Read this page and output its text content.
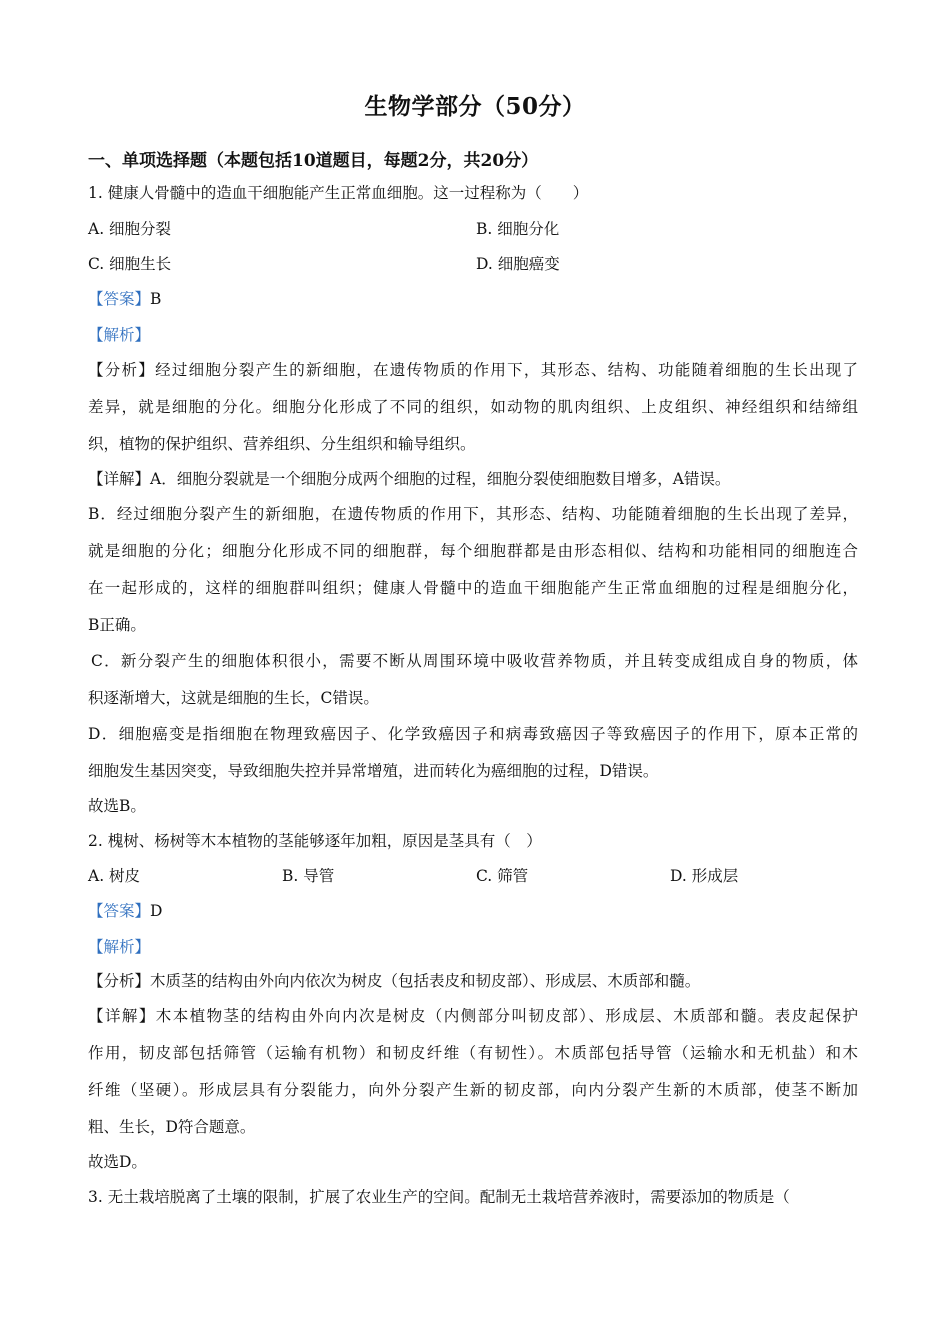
生物学部分（50分）
一、单项选择题（本题包括10道题目，每题2分，共20分）
1. 健康人骨髓中的造血干细胞能产生正常血细胞。这一过程称为（　　）
A. 细胞分裂	B. 细胞分化
C. 细胞生长	D. 细胞癌变
【答案】B
【解析】
【分析】经过细胞分裂产生的新细胞，在遗传物质的作用下，其形态、结构、功能随着细胞的生长出现了
差异，就是细胞的分化。细胞分化形成了不同的组织，如动物的肌肉组织、上皮组织、神经组织和结缔组
织，植物的保护组织、营养组织、分生组织和输导组织。
【详解】A．细胞分裂就是一个细胞分成两个细胞的过程，细胞分裂使细胞数目增多，A错误。
B．经过细胞分裂产生的新细胞，在遗传物质的作用下，其形态、结构、功能随着细胞的生长出现了差异，
就是细胞的分化；细胞分化形成不同的细胞群，每个细胞群都是由形态相似、结构和功能相同的细胞连合
在一起形成的，这样的细胞群叫组织；健康人骨髓中的造血干细胞能产生正常血细胞的过程是细胞分化，
B正确。
C．新分裂产生的细胞体积很小，需要不断从周围环境中吸收营养物质，并且转变成组成自身的物质，体
积逐渐增大，这就是细胞的生长，C错误。
D．细胞癌变是指细胞在物理致癌因子、化学致癌因子和病毒致癌因子等致癌因子的作用下，原本正常的
细胞发生基因突变，导致细胞失控并异常增殖，进而转化为癌细胞的过程，D错误。
故选B。
2. 槐树、杨树等木本植物的茎能够逐年加粗，原因是茎具有（　）
A. 树皮	B. 导管	C. 筛管	D. 形成层
【答案】D
【解析】
【分析】木质茎的结构由外向内依次为树皮（包括表皮和韧皮部）、形成层、木质部和髓。
【详解】木本植物茎的结构由外向内次是树皮（内侧部分叫韧皮部）、形成层、木质部和髓。表皮起保护
作用，韧皮部包括筛管（运输有机物）和韧皮纤维（有韧性）。木质部包括导管（运输水和无机盐）和木
纤维（坚硬）。形成层具有分裂能力，向外分裂产生新的韧皮部，向内分裂产生新的木质部，使茎不断加
粗、生长，D符合题意。
故选D。
3. 无土栽培脱离了土壤的限制，扩展了农业生产的空间。配制无土栽培营养液时，需要添加的物质是（
